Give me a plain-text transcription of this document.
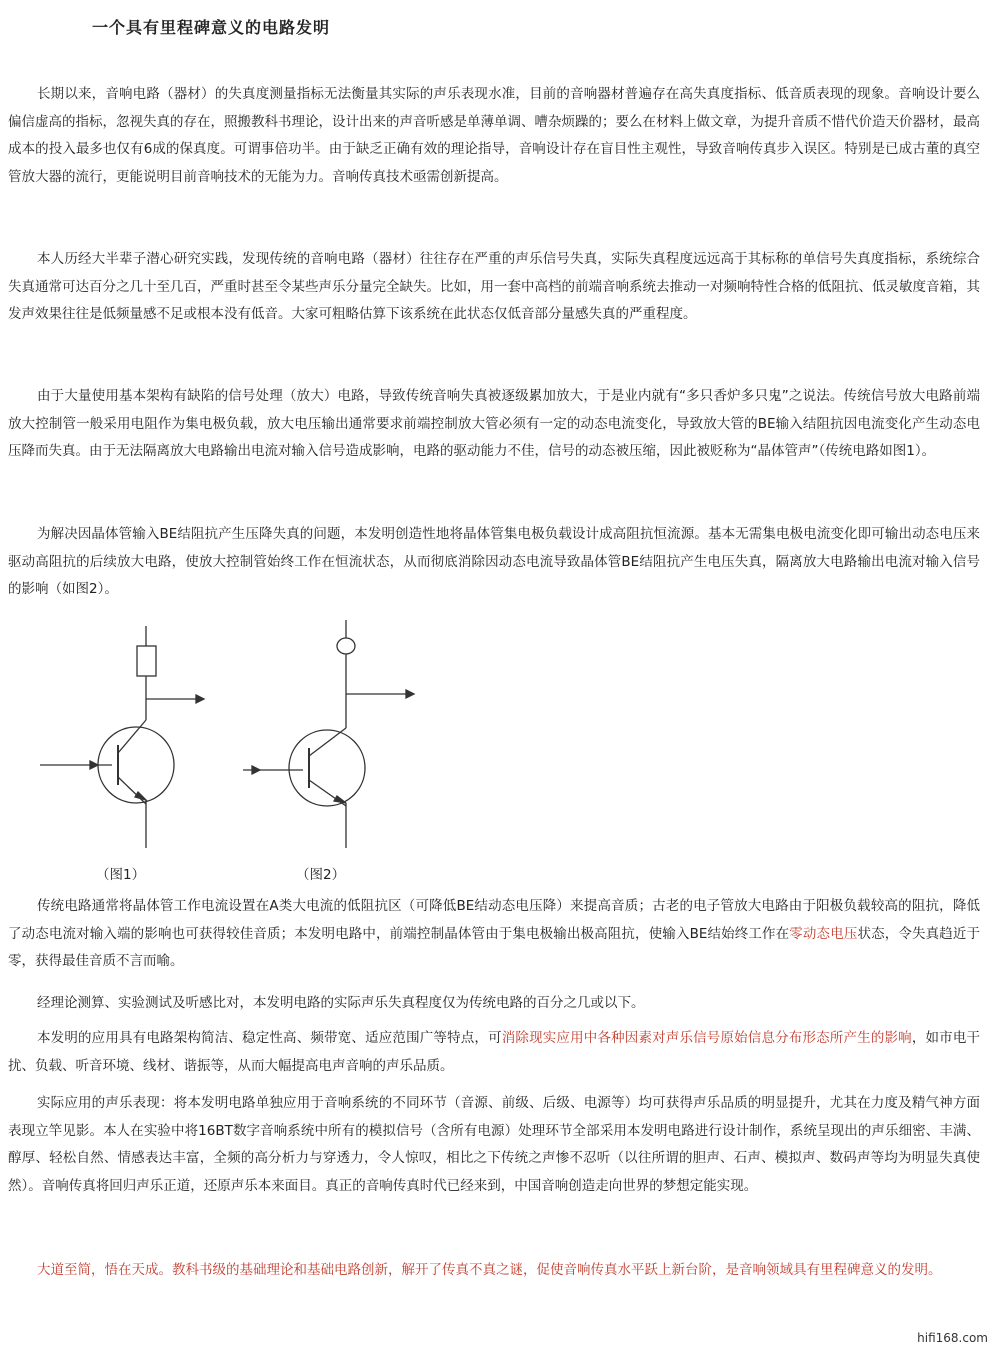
一个具有里程碑意义的电路发明

长期以来，音响电路（器材）的失真度测量指标无法衡量其实际的声乐表现水准，目前的音响器材普遍存在高失真度指标、低音质表现的现象。音响设计要么偏信虚高的指标，忽视失真的存在，照搬教科书理论，设计出来的声音听感是单薄单调、嘈杂烦躁的；要么在材料上做文章，为提升音质不惜代价造天价器材，最高成本的投入最多也仅有6成的保真度。可谓事倍功半。由于缺乏正确有效的理论指导，音响设计存在盲目性主观性，导致音响传真步入误区。特别是已成古董的真空管放大器的流行，更能说明目前音响技术的无能为力。音响传真技术亟需创新提高。

本人历经大半辈子潜心研究实践，发现传统的音响电路（器材）往往存在严重的声乐信号失真，实际失真程度远远高于其标称的单信号失真度指标，系统综合失真通常可达百分之几十至几百，严重时甚至令某些声乐分量完全缺失。比如，用一套中高档的前端音响系统去推动一对频响特性合格的低阻抗、低灵敏度音箱，其发声效果往往是低频量感不足或根本没有低音。大家可粗略估算下该系统在此状态仅低音部分量感失真的严重程度。

由于大量使用基本架构有缺陷的信号处理（放大）电路，导致传统音响失真被逐级累加放大，于是业内就有“多只香炉多只鬼”之说法。传统信号放大电路前端放大控制管一般采用电阻作为集电极负载，放大电压输出通常要求前端控制放大管必须有一定的动态电流变化，导致放大管的BE输入结阻抗因电流变化产生动态电压降而失真。由于无法隔离放大电路输出电流对输入信号造成影响，电路的驱动能力不佳，信号的动态被压缩，因此被贬称为“晶体管声”（传统电路如图1）。

为解决因晶体管输入BE结阻抗产生压降失真的问题，本发明创造性地将晶体管集电极负载设计成高阻抗恒流源。基本无需集电极电流变化即可输出动态电压来驱动高阻抗的后续放大电路，使放大控制管始终工作在恒流状态，从而彻底消除因动态电流导致晶体管BE结阻抗产生电压失真，隔离放大电路输出电流对输入信号的影响（如图2）。

（图1）	（图2）

传统电路通常将晶体管工作电流设置在A类大电流的低阻抗区（可降低BE结动态电压降）来提高音质；古老的电子管放大电路由于阳极负载较高的阻抗，降低了动态电流对输入端的影响也可获得较佳音质；本发明电路中，前端控制晶体管由于集电极输出极高阻抗，使输入BE结始终工作在零动态电压状态，令失真趋近于零，获得最佳音质不言而喻。

经理论测算、实验测试及听感比对，本发明电路的实际声乐失真程度仅为传统电路的百分之几或以下。

本发明的应用具有电路架构简洁、稳定性高、频带宽、适应范围广等特点，可消除现实应用中各种因素对声乐信号原始信息分布形态所产生的影响，如市电干扰、负载、听音环境、线材、谐振等，从而大幅提高电声音响的声乐品质。

实际应用的声乐表现：将本发明电路单独应用于音响系统的不同环节（音源、前级、后级、电源等）均可获得声乐品质的明显提升，尤其在力度及精气神方面表现立竿见影。本人在实验中将16BT数字音响系统中所有的模拟信号（含所有电源）处理环节全部采用本发明电路进行设计制作，系统呈现出的声乐细密、丰满、醇厚、轻松自然、情感表达丰富，全频的高分析力与穿透力，令人惊叹，相比之下传统之声惨不忍听（以往所谓的胆声、石声、模拟声、数码声等均为明显失真使然）。音响传真将回归声乐正道，还原声乐本来面目。真正的音响传真时代已经来到，中国音响创造走向世界的梦想定能实现。

大道至简，悟在天成。教科书级的基础理论和基础电路创新，解开了传真不真之谜，促使音响传真水平跃上新台阶，是音响领域具有里程碑意义的发明。

hifi168.com
